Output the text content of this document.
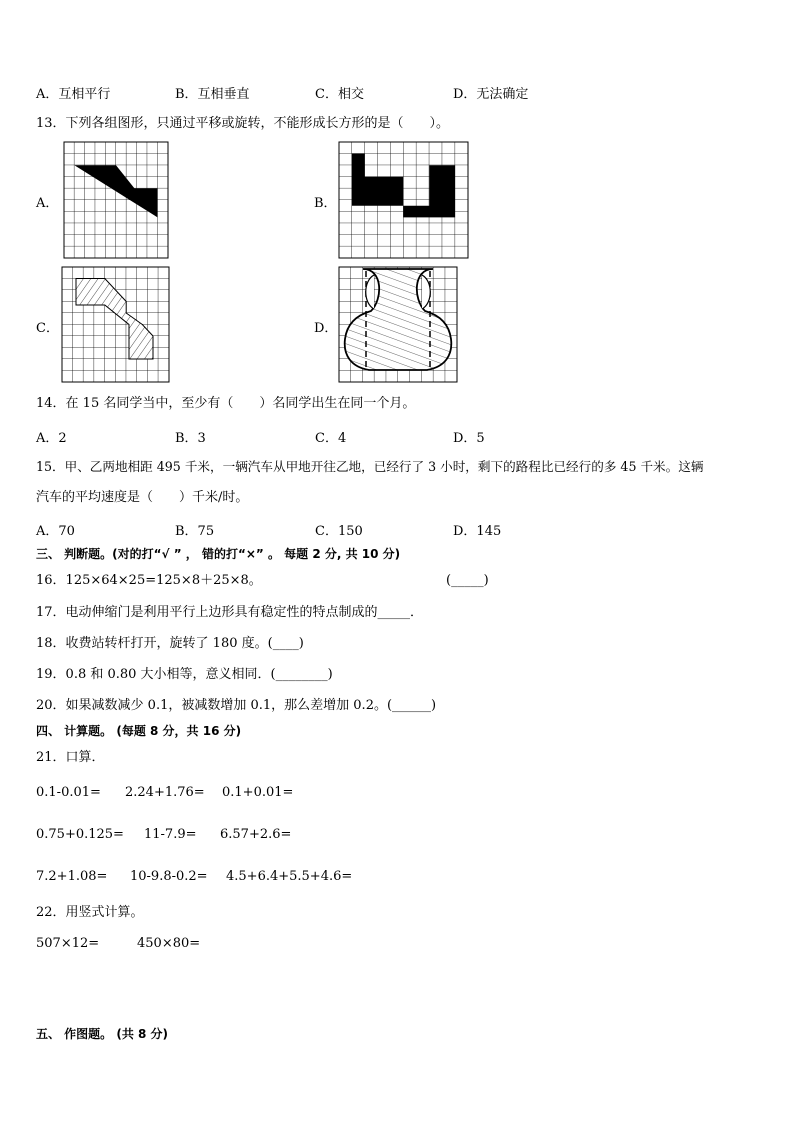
A．互相平行	B．互相垂直	C．相交	D．无法确定
13．下列各组图形，只通过平移或旋转，不能形成长方形的是（　　）。
A．	B．
C．	D．
14．在 15 名同学当中，至少有（　　）名同学出生在同一个月。
A．2	B．3	C．4	D．5
15．甲、乙两地相距 495 千米，一辆汽车从甲地开往乙地，已经行了 3 小时，剩下的路程比已经行的多 45 千米。这辆
汽车的平均速度是（　　）千米/时。
A．70	B．75	C．150	D．145
三、 判断题。(对的打“√ ” ， 错的打“×” 。 每题 2 分, 共 10 分)
16．125×64×25=125×8＋25×8。	(_____)
17．电动伸缩门是利用平行上边形具有稳定性的特点制成的_____．
18．收费站转杆打开，旋转了 180 度。(____)
19．0.8 和 0.80 大小相等，意义相同．(________)
20．如果减数减少 0.1，被减数增加 0.1，那么差增加 0.2。(______)
四、 计算题。 (每题 8 分，共 16 分)
21．口算．
0.1-0.01= 2.24+1.76= 0.1+0.01=
0.75+0.125= 11-7.9= 6.57+2.6=
7.2+1.08= 10-9.8-0.2= 4.5+6.4+5.5+4.6=
22．用竖式计算。
507×12=	450×80=
五、 作图题。 (共 8 分)
